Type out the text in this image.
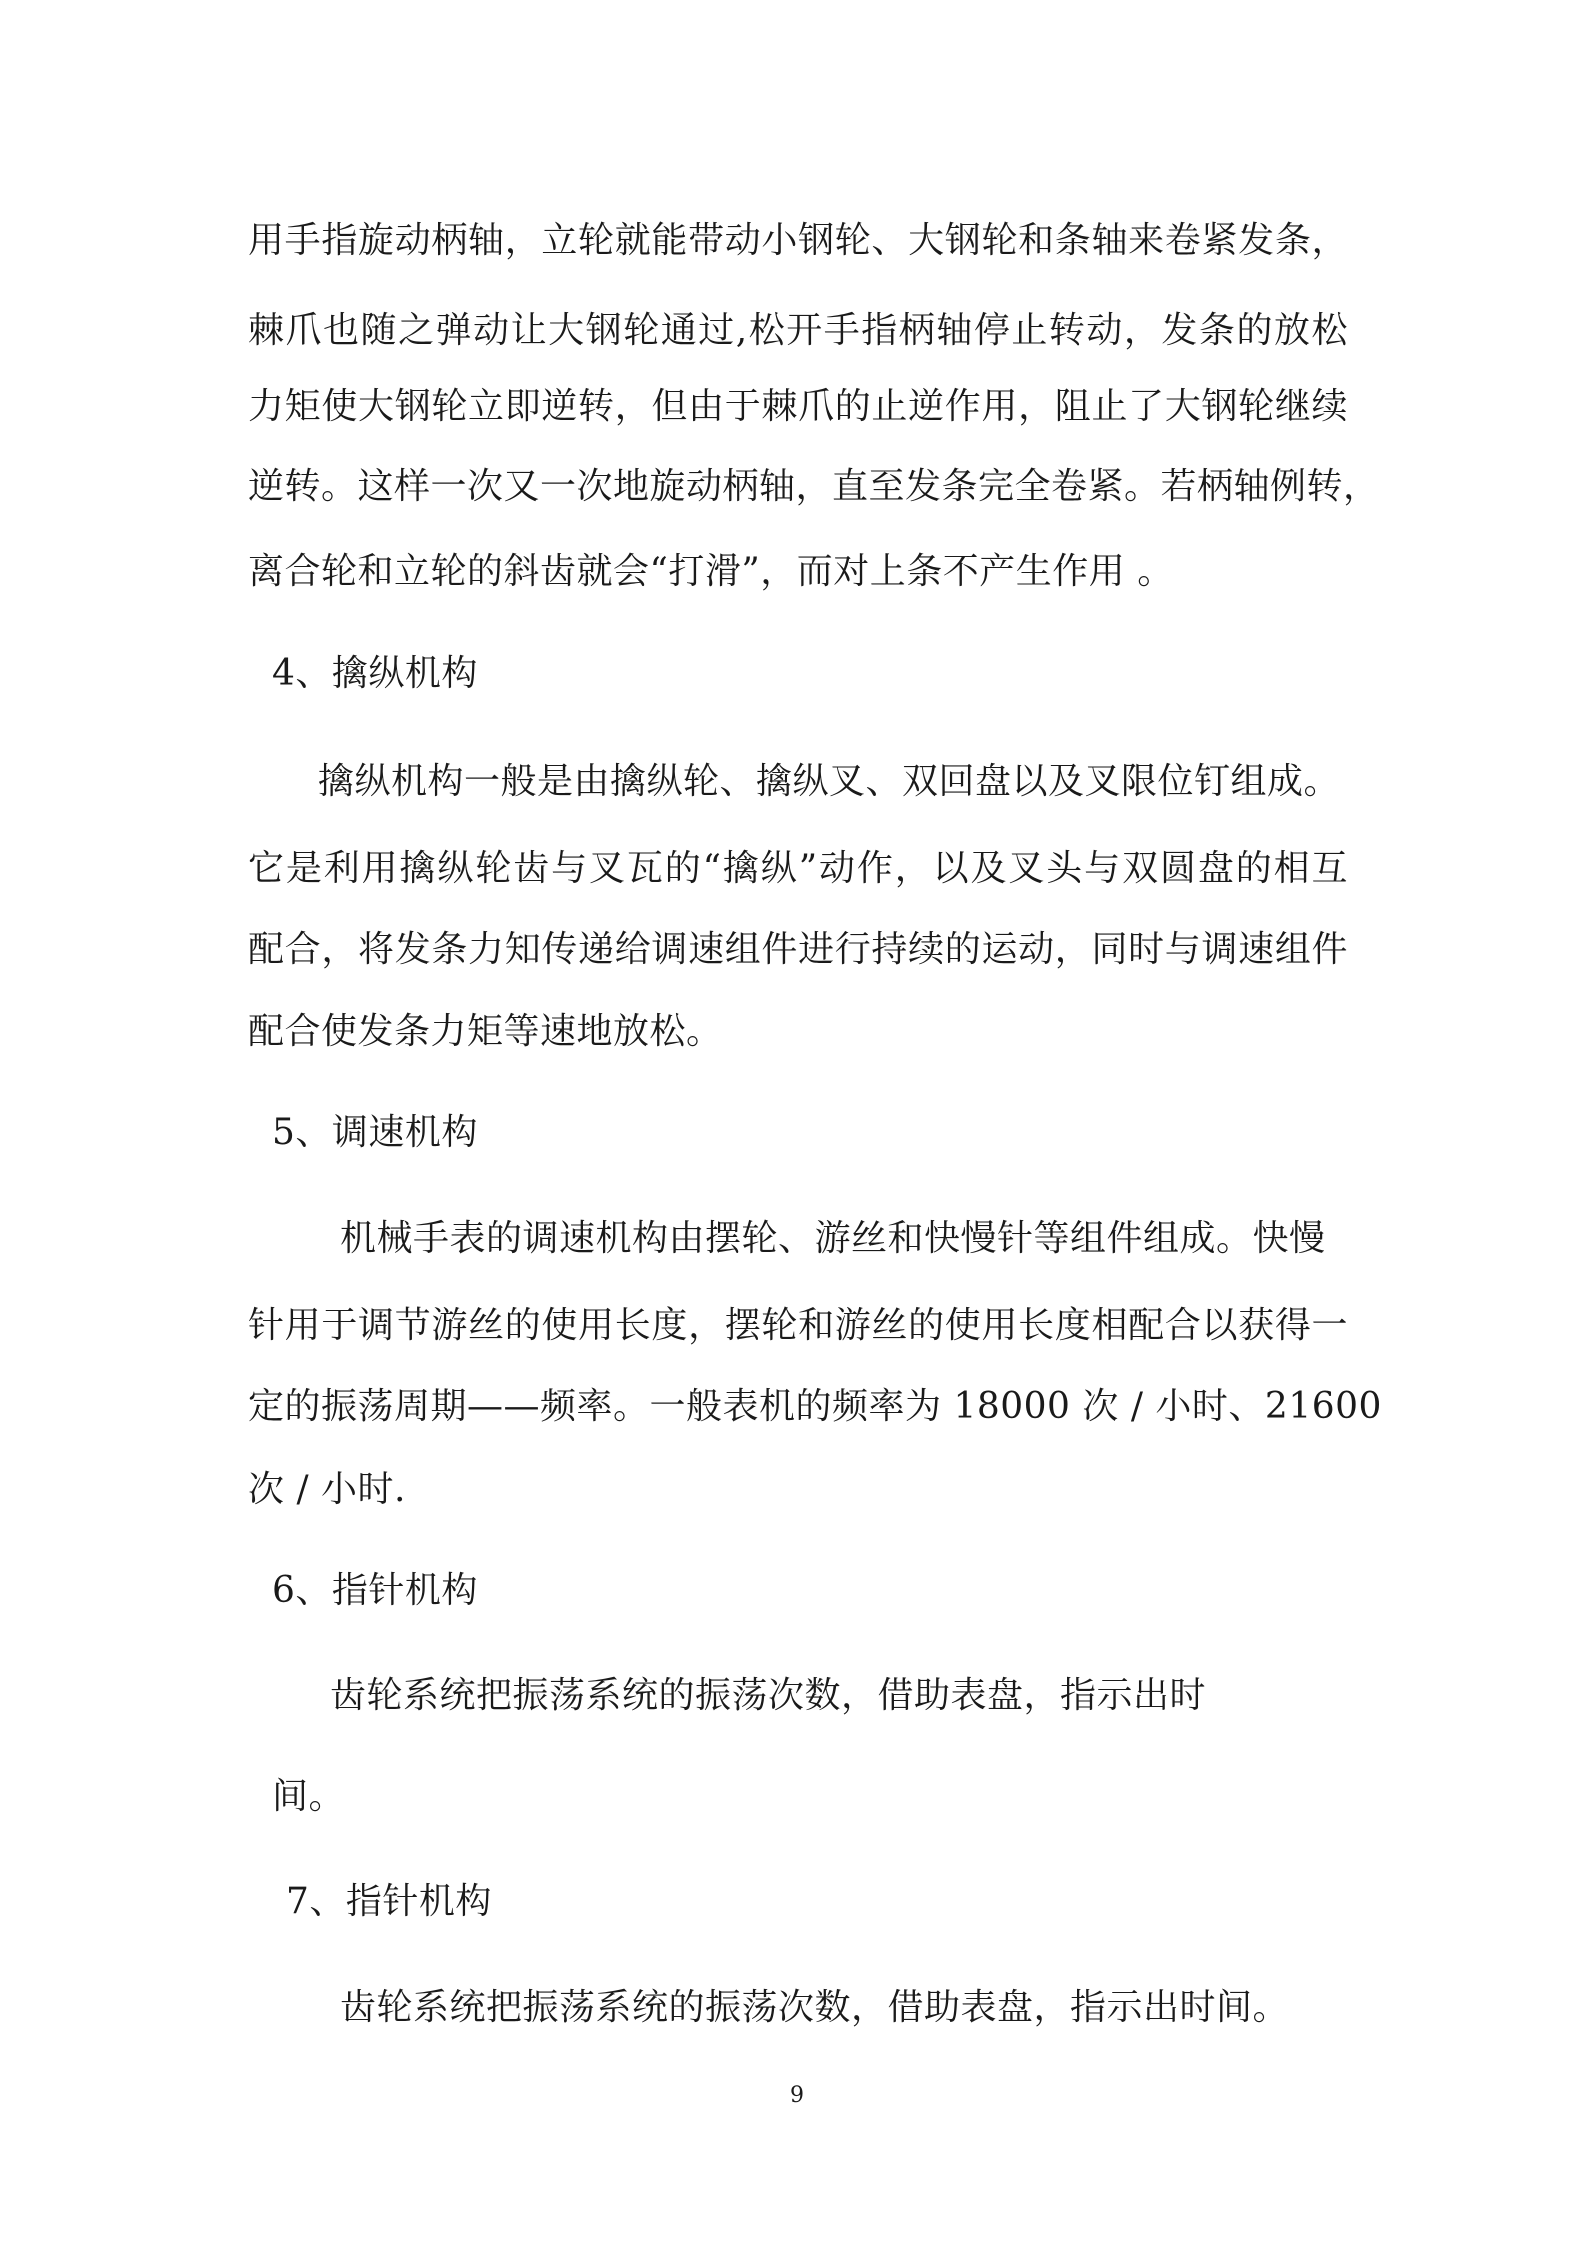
用手指旋动柄轴，立轮就能带动小钢轮、大钢轮和条轴来卷紧发条，
棘爪也随之弹动让大钢轮通过,松开手指柄轴停止转动，发条的放松
力矩使大钢轮立即逆转，但由于棘爪的止逆作用，阻止了大钢轮继续
逆转。这样一次又一次地旋动柄轴，直至发条完全卷紧。若柄轴例转，
离合轮和立轮的斜齿就会“打滑”，而对上条不产生作用 。
4、擒纵机构
擒纵机构一般是由擒纵轮、擒纵叉、双回盘以及叉限位钉组成。
它是利用擒纵轮齿与叉瓦的“擒纵”动作，以及叉头与双圆盘的相互
配合，将发条力知传递给调速组件进行持续的运动，同时与调速组件
配合使发条力矩等速地放松。
5、调速机构
机械手表的调速机构由摆轮、游丝和快慢针等组件组成。快慢
针用于调节游丝的使用长度，摆轮和游丝的使用长度相配合以获得一
定的振荡周期——频率。一般表机的频率为 18000 次 / 小时、21600
次 / 小时.
6、指针机构
齿轮系统把振荡系统的振荡次数，借助表盘，指示出时
间。
7、指针机构
齿轮系统把振荡系统的振荡次数，借助表盘，指示出时间。
9
